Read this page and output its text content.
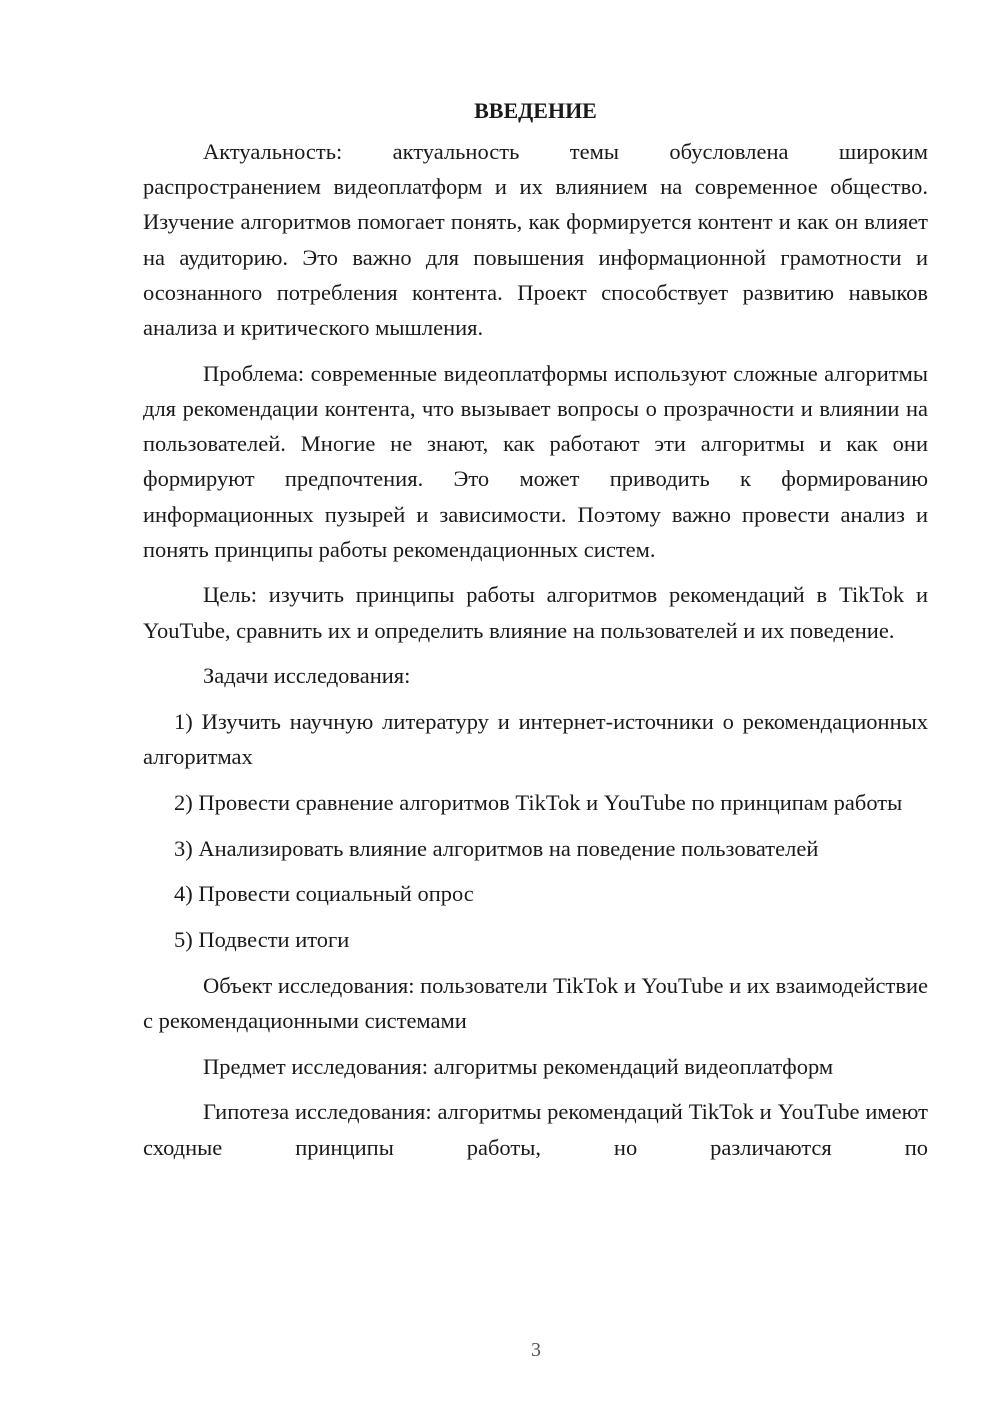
ВВЕДЕНИЕ

Актуальность: актуальность темы обусловлена широким распространением видеоплатформ и их влиянием на современное общество. Изучение алгоритмов помогает понять, как формируется контент и как он влияет на аудиторию. Это важно для повышения информационной грамотности и осознанного потребления контента. Проект способствует развитию навыков анализа и критического мышления.

Проблема: современные видеоплатформы используют сложные алгоритмы для рекомендации контента, что вызывает вопросы о прозрачности и влиянии на пользователей. Многие не знают, как работают эти алгоритмы и как они формируют предпочтения. Это может приводить к формированию информационных пузырей и зависимости. Поэтому важно провести анализ и понять принципы работы рекомендационных систем.

Цель: изучить принципы работы алгоритмов рекомендаций в TikTok и YouTube, сравнить их и определить влияние на пользователей и их поведение.

Задачи исследования:

1) Изучить научную литературу и интернет-источники о рекомендационных алгоритмах

2) Провести сравнение алгоритмов TikTok и YouTube по принципам работы

3) Анализировать влияние алгоритмов на поведение пользователей

4) Провести социальный опрос

5) Подвести итоги

Объект исследования: пользователи TikTok и YouTube и их взаимодействие с рекомендационными системами

Предмет исследования: алгоритмы рекомендаций видеоплатформ

Гипотеза исследования: алгоритмы рекомендаций TikTok и YouTube имеют сходные принципы работы, но различаются по

3
